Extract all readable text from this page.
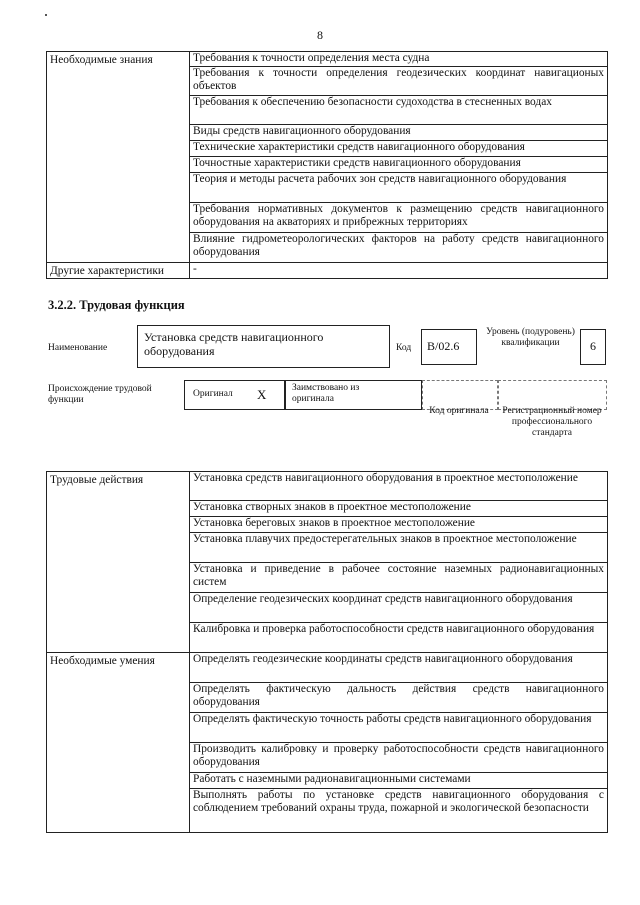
8
Необходимые знания	Требования к точности определения места судна
	Требования к точности определения геодезических координат навигационых объектов
	Требования к обеспечению безопасности судоходства в стесненных водах
	Виды средств навигационного оборудования
	Технические характеристики средств навигационного оборудования
	Точностные характеристики средств навигационного оборудования
	Теория и методы расчета рабочих зон средств навигационного оборудования
	Требования нормативных документов к размещению средств навигационного оборудования на акваториях и прибрежных территориях
	Влияние гидрометеорологических факторов на работу средств навигационного оборудования
Другие характеристики	-
3.2.2. Трудовая функция
Наименование
Установка средств навигационного оборудования	Код B/02.6
Уровень (подуровень) квалификации	6
Происхождение трудовой функции
Оригинал X	Заимствовано из оригинала
Код оригинала Регистрационный номер профессионального стандарта
Трудовые действия	Установка средств навигационного оборудования в проектное местоположение
	Установка створных знаков в проектное местоположение
	Установка береговых знаков в проектное местоположение
	Установка плавучих предостерегательных знаков в проектное местоположение
	Установка и приведение в рабочее состояние наземных радионавигационных систем
	Определение геодезических координат средств навигационного оборудования
	Калибровка и проверка работоспособности средств навигационного оборудования
Необходимые умения	Определять геодезические координаты средств навигационного оборудования
	Определять фактическую дальность действия средств навигационного оборудования
	Определять фактическую точность работы средств навигационного оборудования
	Производить калибровку и проверку работоспособности средств навигационного оборудования
	Работать с наземными радионавигационными системами
	Выполнять работы по установке средств навигационного оборудования с соблюдением требований охраны труда, пожарной и экологической безопасности
